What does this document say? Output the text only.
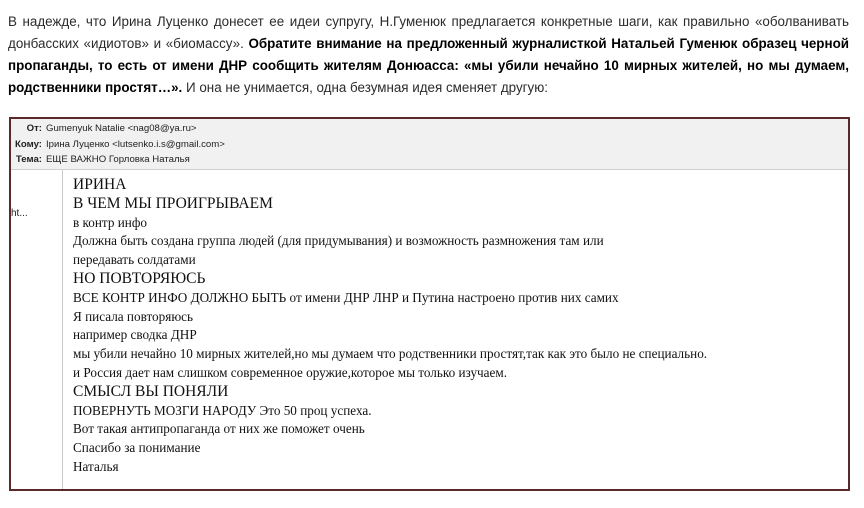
В надежде, что Ирина Луценко донесет ее идеи супругу, Н.Гуменюк предлагается конкретные шаги, как правильно «оболванивать донбасских «идиотов» и «биомассу». Обратите внимание на предложенный журналисткой Натальей Гуменюк образец черной пропаганды, то есть от имени ДНР сообщить жителям Донюасса: «мы убили нечайно 10 мирных жителей, но мы думаем, родственники простят…». И она не унимается, одна безумная идея сменяет другую:

От: Gumenyuk Natalie <nag08@ya.ru>
Кому: Ірина Луценко <lutsenko.i.s@gmail.com>
Тема: ЕЩЕ ВАЖНО Горловка Наталья
ht...
ИРИНА
В ЧЕМ МЫ ПРОИГРЫВАЕМ
в контр инфо
Должна быть создана группа людей (для придумывания) и возможность размножения там или
передавать солдатами
НО ПОВТОРЯЮСЬ
ВСЕ КОНТР ИНФО ДОЛЖНО БЫТЬ от имени ДНР ЛНР и Путина настроено против них самих
Я писала повторяюсь
например сводка ДНР
мы убили нечайно 10 мирных жителей,но мы думаем что родственники простят,так как это было не специально.
и Россия дает нам слишком современное оружие,которое мы только изучаем.
СМЫСЛ ВЫ ПОНЯЛИ
ПОВЕРНУТЬ МОЗГИ НАРОДУ Это 50 проц успеха.
Вот такая антипропаганда от них же поможет очень
Спасибо за понимание
Наталья
